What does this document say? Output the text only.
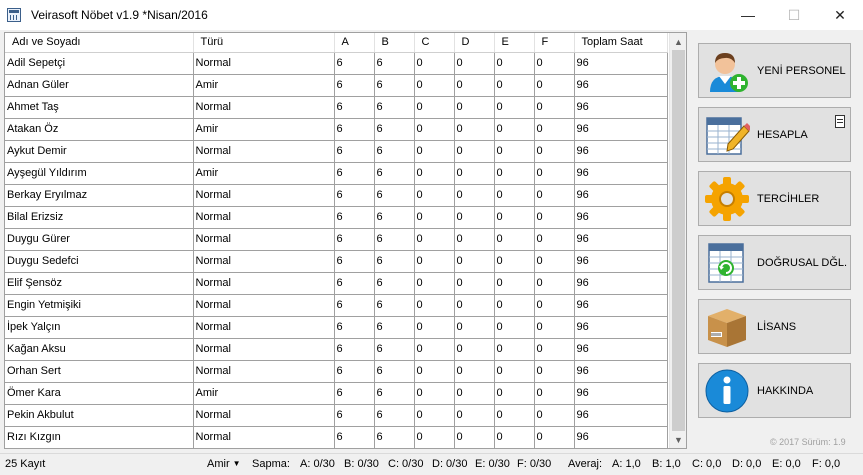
Veirasoft Nöbet v1.9 *Nisan/2016	—	☐	✕
Adı ve Soyadı	Türü	A	B	C	D	E	F	Toplam Saat
Adil Sepetçi	Normal	6	6	0	0	0	0	96
Adnan Güler	Amir	6	6	0	0	0	0	96
Ahmet Taş	Normal	6	6	0	0	0	0	96
Atakan Öz	Amir	6	6	0	0	0	0	96
Aykut Demir	Normal	6	6	0	0	0	0	96
Ayşegül Yıldırım	Amir	6	6	0	0	0	0	96
Berkay Eryılmaz	Normal	6	6	0	0	0	0	96
Bilal Erizsiz	Normal	6	6	0	0	0	0	96
Duygu Gürer	Normal	6	6	0	0	0	0	96
Duygu Sedefci	Normal	6	6	0	0	0	0	96
Elif Şensöz	Normal	6	6	0	0	0	0	96
Engin Yetmişiki	Normal	6	6	0	0	0	0	96
İpek Yalçın	Normal	6	6	0	0	0	0	96
Kağan Aksu	Normal	6	6	0	0	0	0	96
Orhan Sert	Normal	6	6	0	0	0	0	96
Ömer Kara	Amir	6	6	0	0	0	0	96
Pekin Akbulut	Normal	6	6	0	0	0	0	96
Rızı Kızgın	Normal	6	6	0	0	0	0	96
▲
▼
YENİ PERSONEL
HESAPLA
TERCİHLER
DOĞRUSAL DĞL.
LİSANS
HAKKINDA
© 2017 Sürüm: 1.9
25 Kayıt	Amir ▼ Sapma: A: 0/30 B: 0/30 C: 0/30 D: 0/30 E: 0/30 F: 0/30 Averaj: A: 1,0 B: 1,0 C: 0,0 D: 0,0 E: 0,0 F: 0,0
